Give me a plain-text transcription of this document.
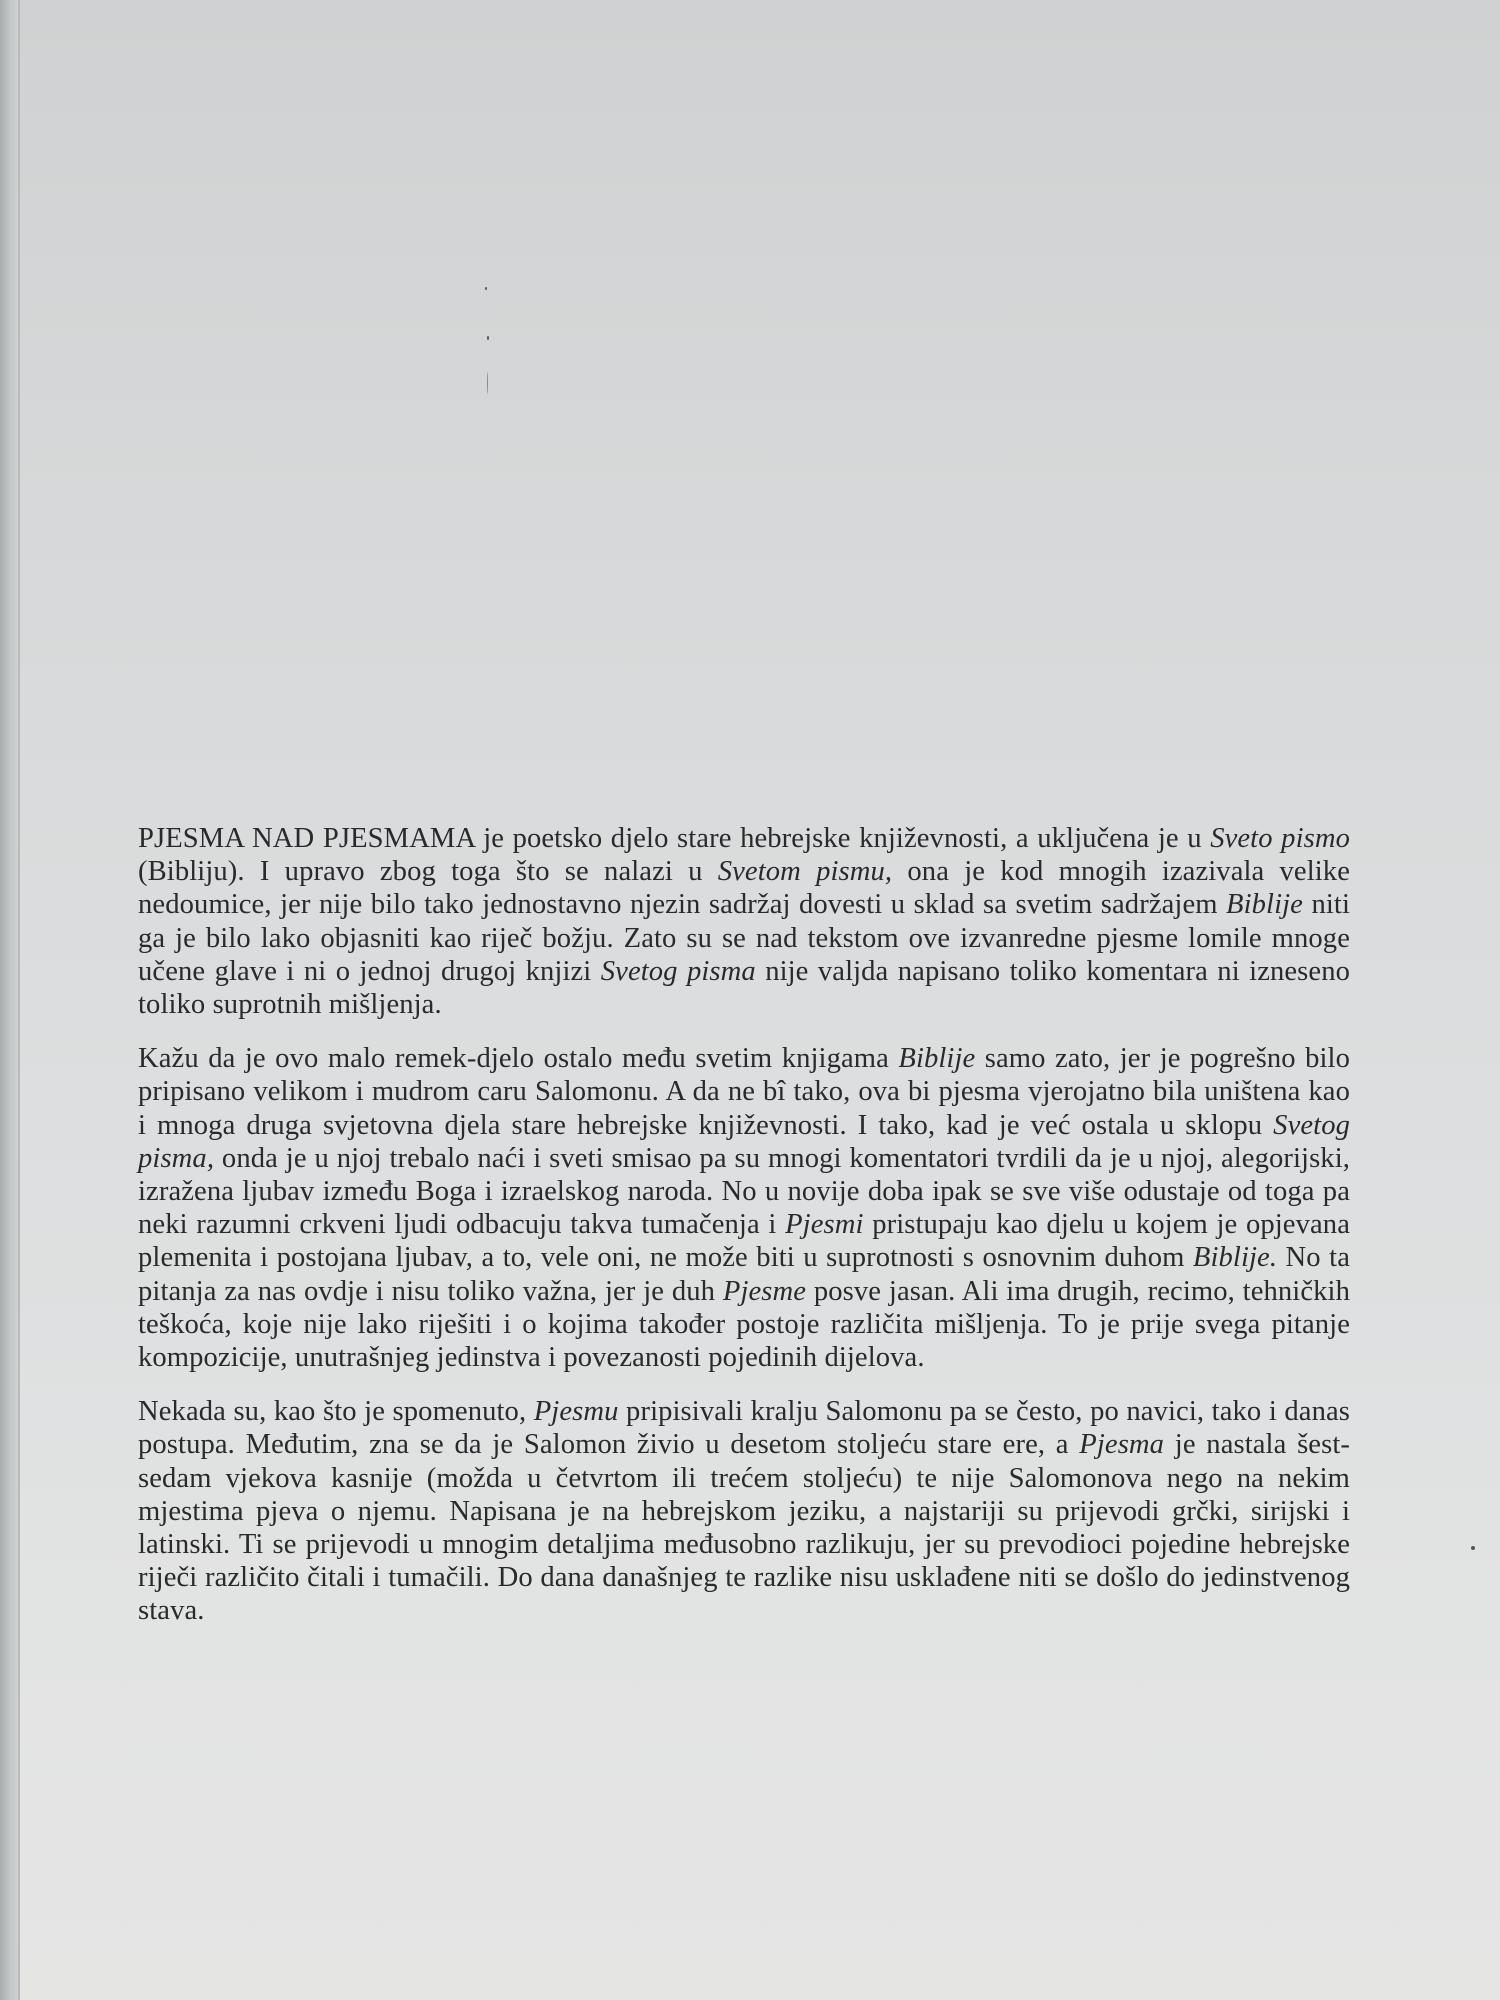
PJESMA NAD PJESMAMA je poetsko djelo stare hebrejske književnosti, a uključena je u Sveto pismo (Bibliju). I upravo zbog toga što se nalazi u Svetom pismu, ona je kod mnogih izazivala velike nedoumice, jer nije bilo tako jednostavno njezin sadržaj dovesti u sklad sa svetim sadržajem Biblije niti ga je bilo lako objasniti kao riječ božju. Zato su se nad tekstom ove izvanredne pjesme lomile mnoge učene glave i ni o jednoj drugoj knjizi Svetog pisma nije valjda napisano toliko komentara ni izneseno toliko suprotnih mišljenja.

Kažu da je ovo malo remek-djelo ostalo među svetim knjigama Biblije samo zato, jer je pogrešno bilo pripisano velikom i mudrom caru Salomonu. A da ne bî tako, ova bi pjesma vjerojatno bila uništena kao i mnoga druga svjetovna djela stare hebrejske književnosti. I tako, kad je već ostala u sklopu Svetog pisma, onda je u njoj trebalo naći i sveti smisao pa su mnogi komentatori tvrdili da je u njoj, alegorijski, izražena ljubav između Boga i izraelskog naroda. No u novije doba ipak se sve više odustaje od toga pa neki razumni crkveni ljudi odbacuju takva tumačenja i Pjesmi pristupaju kao djelu u kojem je opjevana plemenita i postojana ljubav, a to, vele oni, ne može biti u suprotnosti s osnovnim duhom Biblije. No ta pitanja za nas ovdje i nisu toliko važna, jer je duh Pjesme posve jasan. Ali ima drugih, recimo, tehničkih teškoća, koje nije lako riješiti i o kojima također postoje različita mišljenja. To je prije svega pitanje kompozicije, unutrašnjeg jedinstva i povezanosti pojedinih dijelova.

Nekada su, kao što je spomenuto, Pjesmu pripisivali kralju Salomonu pa se često, po navici, tako i danas postupa. Međutim, zna se da je Salomon živio u desetom stoljeću stare ere, a Pjesma je nastala šest-sedam vjekova kasnije (možda u četvrtom ili trećem stoljeću) te nije Salomonova nego na nekim mjestima pjeva o njemu. Napisana je na hebrejskom jeziku, a najstariji su prijevodi grčki, sirijski i latinski. Ti se prijevodi u mnogim detaljima međusobno razlikuju, jer su prevodioci pojedine hebrejske riječi različito čitali i tumačili. Do dana današnjeg te razlike nisu usklađene niti se došlo do jedinstvenog stava.
